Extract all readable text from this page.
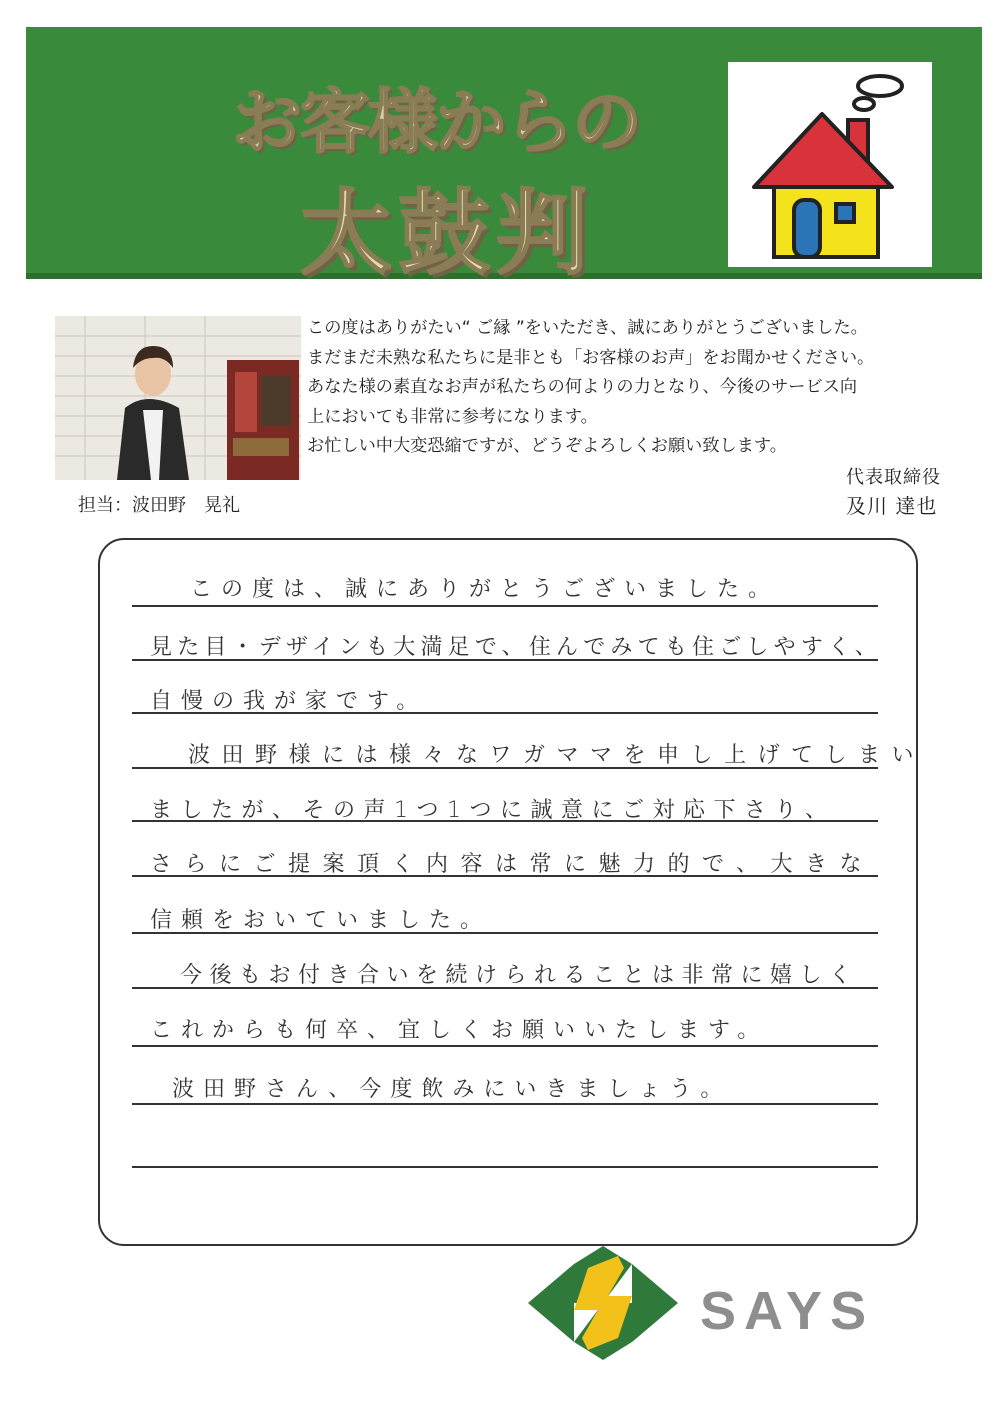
お客様からの
太鼓判
担当：波田野　晃礼

この度はありがたい“ ご縁 ”をいただき、誠にありがとうございました。

まだまだ未熟な私たちに是非とも「お客様のお声」をお聞かせください。

あなた様の素直なお声が私たちの何よりの力となり、今後のサービス向

上においても非常に参考になります。

お忙しい中大変恐縮ですが、どうぞよろしくお願い致します。

代表取締役
及川 達也
この度は、誠にありがとうございました。
見た目・デザインも大満足で、住んでみても住ごしやすく、
自慢の我が家です。
波田野様には様々なワガママを申し上げてしまい
ましたが、その声1つ1つに誠意にご対応下さり、
さらにご提案頂く内容は常に魅力的で、大きな
信頼をおいていました。
今後もお付き合いを続けられることは非常に嬉しく
これからも何卒、宜しくお願いいたします。
波田野さん、今度飲みにいきましょう。
SAYS
